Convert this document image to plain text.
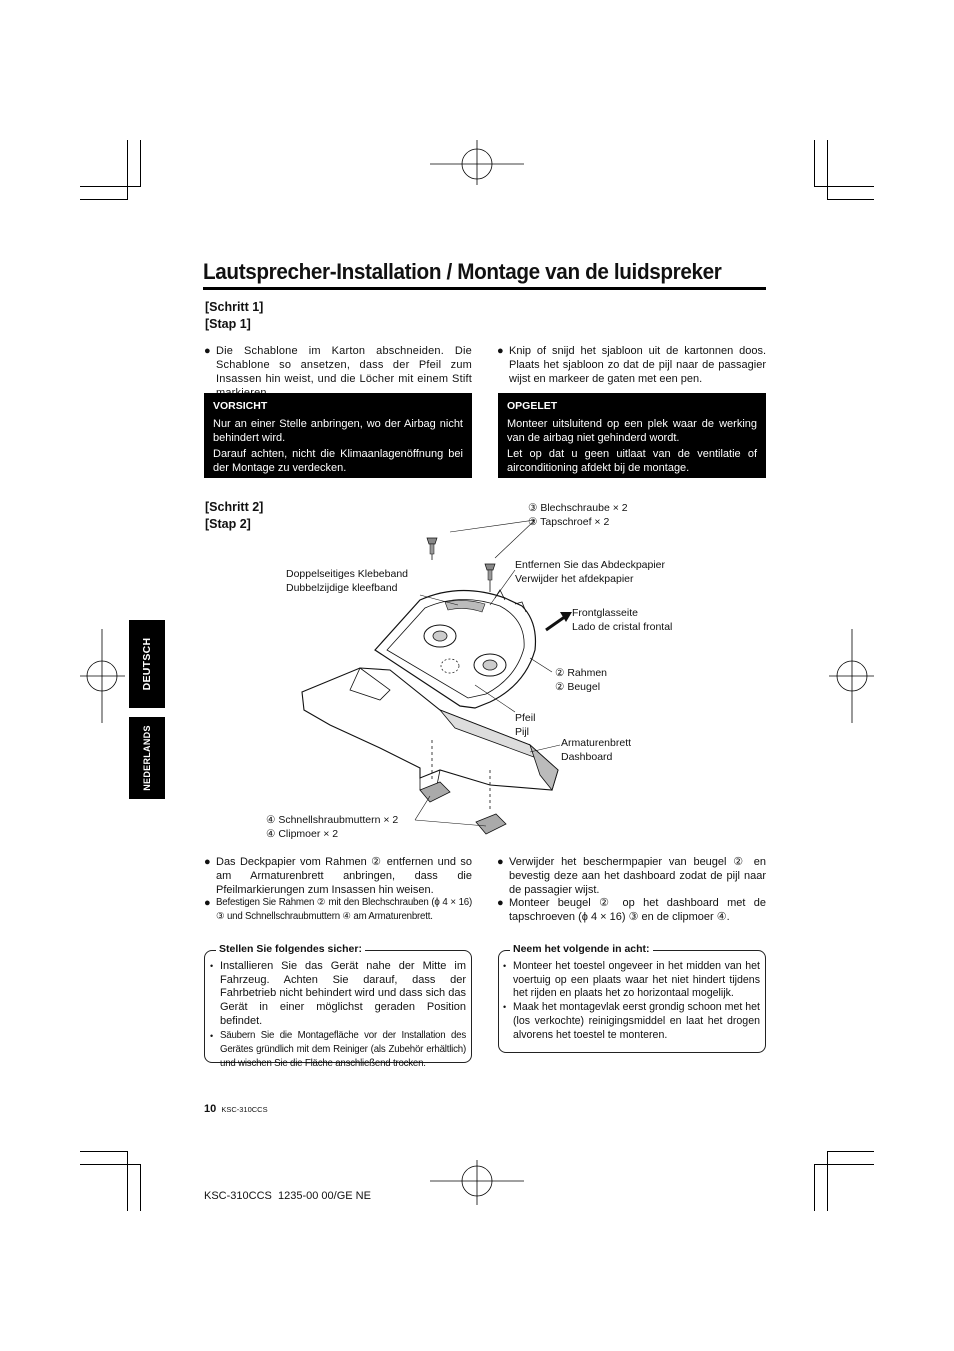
Lautsprecher-Installation / Montage van de luidspreker
[Schritt 1]
[Stap 1]
● Die Schablone im Karton abschneiden. Die Schablone so ansetzen, dass der Pfeil zum Insassen hin weist, und die Löcher mit einem Stift
● Knip of snijd het sjabloon uit de kartonnen doos. Plaats het sjabloon zo dat de pijl naar de passagier wijst en markeer de gaten met een pen.
VORSICHT

Nur an einer Stelle anbringen, wo der Airbag nicht behindert wird.

Darauf achten, nicht die Klimaanlagenöffnung bei der Montage zu verdecken.

OPGELET

Monteer uitsluitend op een plek waar de werking van de airbag niet gehinderd wordt.

Let op dat u geen uitlaat van de ventilatie of airconditioning afdekt bij de montage.

[Schritt 2]
[Stap 2]
③ Blechschraube × 2
③ Tapschroef × 2
Entfernen Sie das Abdeckpapier
Verwijder het afdekpapier
Doppelseitiges Klebeband
Dubbelzijdige kleefband
Frontglasseite
Lado de cristal frontal
② Rahmen
② Beugel
Pfeil
Pijl
Armaturenbrett
Dashboard
④ Schnellshraubmuttern × 2
④ Clipmoer × 2
● Das Deckpapier vom Rahmen ② entfernen und so am Armaturenbrett anbringen, dass die Pfeilmarkierungen zum Insassen hin weisen.
● Befestigen Sie Rahmen ② mit den Blechschrauben (ϕ 4 × 16) ③ und Schnellschraubmuttern ④ am Armaturenbrett.
● Verwijder het beschermpapier van beugel ② en bevestig deze aan het dashboard zodat de pijl naar de passagier wijst.
● Monteer beugel ② op het dashboard met de tapschroeven (ϕ 4 × 16) ③ en de clipmoer ④.
Stellen Sie folgendes sicher:
• Installieren Sie das Gerät nahe der Mitte im Fahrzeug. Achten Sie darauf, dass der Fahrbetrieb nicht behindert wird und dass sich das Gerät in einer möglichst geraden Position befindet.
• Säubern Sie die Montagefläche vor der Installation des Gerätes gründlich mit dem Reiniger (als Zubehör erhältlich) und wischen Sie die Fläche anschließend trocken.
Neem het volgende in acht:
• Monteer het toestel ongeveer in het midden van het voertuig op een plaats waar het niet hindert tijdens het rijden en plaats het zo horizontaal mogelijk.
• Maak het montagevlak eerst grondig schoon met het (los verkochte) reinigingsmiddel en laat het drogen alvorens het toestel te monteren.
DEUTSCH
NEDERLANDS
10 KSC-310CCS
KSC-310CCS  1235-00 00/GE NE
